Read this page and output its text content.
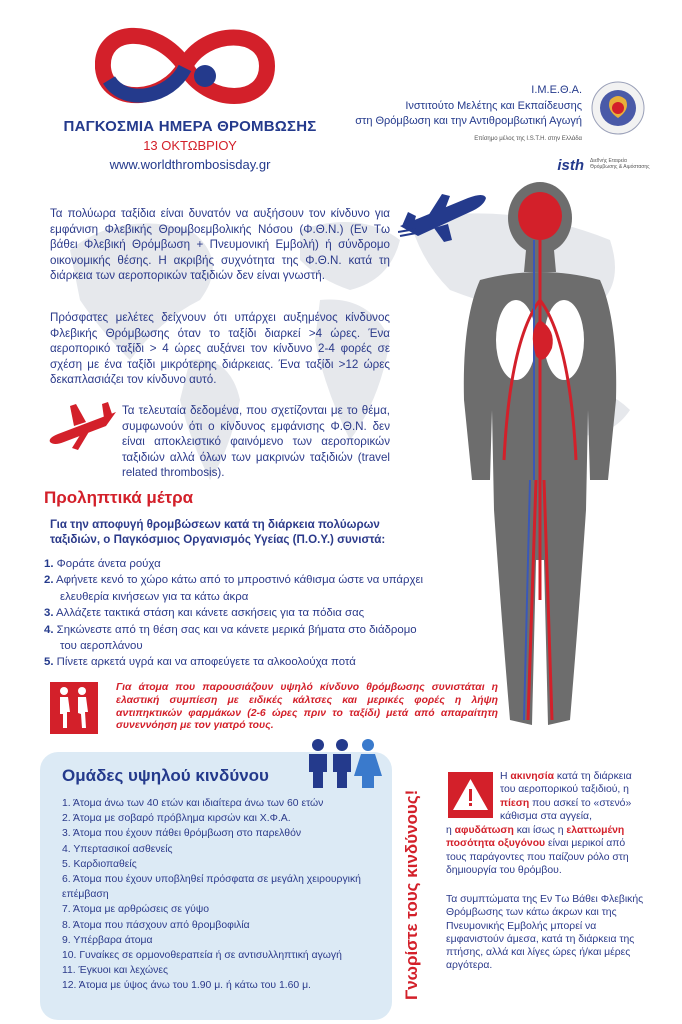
ΠΑΓΚΟΣΜΙΑ ΗΜΕΡΑ ΘΡΟΜΒΩΣΗΣ
13 ΟΚΤΩΒΡΙΟΥ
www.worldthrombosisday.gr
Ι.Μ.Ε.Θ.Α.
Ινστιτούτο Μελέτης και Εκπαίδευσης
στη Θρόμβωση και την Αντιθρομβωτική Αγωγή
Επίσημο μέλος της I.S.T.H. στην Ελλάδα
isth Διεθνής Εταιρεία Θρόμβωσης & Αιμόστασης
Τα πολύωρα ταξίδια είναι δυνατόν να αυξήσουν τον κίνδυνο για εμφάνιση Φλεβικής Θρομβοεμβολικής Νόσου (Φ.Θ.Ν.) (Εν Τω βάθει Φλεβική Θρόμβωση + Πνευμονική Εμβολή) ή σύνδρομο οικονομικής θέσης. Η ακριβής συχνότητα της Φ.Θ.Ν. κατά τη διάρκεια των αεροπορικών ταξιδιών δεν είναι γνωστή.
Πρόσφατες μελέτες δείχνουν ότι υπάρχει αυξημένος κίνδυνος Φλεβικής Θρόμβωσης όταν το ταξίδι διαρκεί >4 ώρες. Ένα αεροπορικό ταξίδι > 4 ώρες αυξάνει τον κίνδυνο 2-4 φορές σε σχέση με ένα ταξίδι μικρότερης διάρκειας. Ένα ταξίδι >12 ώρες δεκαπλασιάζει τον κίνδυνο αυτό.
Τα τελευταία δεδομένα, που σχετίζονται με το θέμα, συμφωνούν ότι ο κίνδυνος εμφάνισης Φ.Θ.Ν. δεν είναι αποκλειστικό φαινόμενο των αεροπορικών ταξιδιών αλλά όλων των μακρινών ταξιδιών (travel related thrombosis).
Προληπτικά μέτρα
Για την αποφυγή θρομβώσεων κατά τη διάρκεια πολύωρων ταξιδιών, ο Παγκόσμιος Οργανισμός Υγείας (Π.Ο.Υ.) συνιστά:
1. Φοράτε άνετα ρούχα
2. Αφήνετε κενό το χώρο κάτω από το μπροστινό κάθισμα ώστε να υπάρχει ελευθερία κινήσεων για τα κάτω άκρα
3. Αλλάζετε τακτικά στάση και κάνετε ασκήσεις για τα πόδια σας
4. Σηκώνεστε από τη θέση σας και να κάνετε μερικά βήματα στο διάδρομο του αεροπλάνου
5. Πίνετε αρκετά υγρά και να αποφεύγετε τα αλκοολούχα ποτά
Για άτομα που παρουσιάζουν υψηλό κίνδυνο θρόμβωσης συνιστάται η ελαστική συμπίεση με ειδικές κάλτσες και μερικές φορές η λήψη αντιπηκτικών φαρμάκων (2-6 ώρες πριν το ταξίδι) μετά από απαραίτητη συνεννόηση με τον γιατρό τους.
Ομάδες υψηλού κινδύνου
1. Άτομα άνω των 40 ετών και ιδιαίτερα άνω των 60 ετών
2. Άτομα με σοβαρό πρόβλημα κιρσών και Χ.Φ.Α.
3. Άτομα που έχουν πάθει θρόμβωση στο παρελθόν
4. Υπερτασικοί ασθενείς
5. Καρδιοπαθείς
6. Άτομα που έχουν υποβληθεί πρόσφατα σε μεγάλη χειρουργική επέμβαση
7. Άτομα με αρθρώσεις σε γύψο
8. Άτομα που πάσχουν από θρομβοφιλία
9. Υπέρβαρα άτομα
10. Γυναίκες σε ορμονοθεραπεία ή σε αντισυλληπτική αγωγή
11. Έγκυοι και λεχώνες
12. Άτομα με ύψος άνω του 1.90 μ. ή κάτω του 1.60 μ.	Γνωρίστε τους κινδύνους!
Η ακινησία κατά τη διάρκεια του αεροπορικού ταξιδιού, η πίεση που ασκεί το «στενό» κάθισμα στα αγγεία,
η αφυδάτωση και ίσως η ελαττωμένη ποσότητα οξυγόνου είναι μερικοί από τους παράγοντες που παίζουν ρόλο στη δημιουργία του θρόμβου.
Τα συμπτώματα της Εν Τω Βάθει Φλεβικής Θρόμβωσης των κάτω άκρων και της Πνευμονικής Εμβολής μπορεί να εμφανιστούν άμεσα, κατά τη διάρκεια της πτήσης, αλλά και λίγες ώρες ή/και μέρες αργότερα.
